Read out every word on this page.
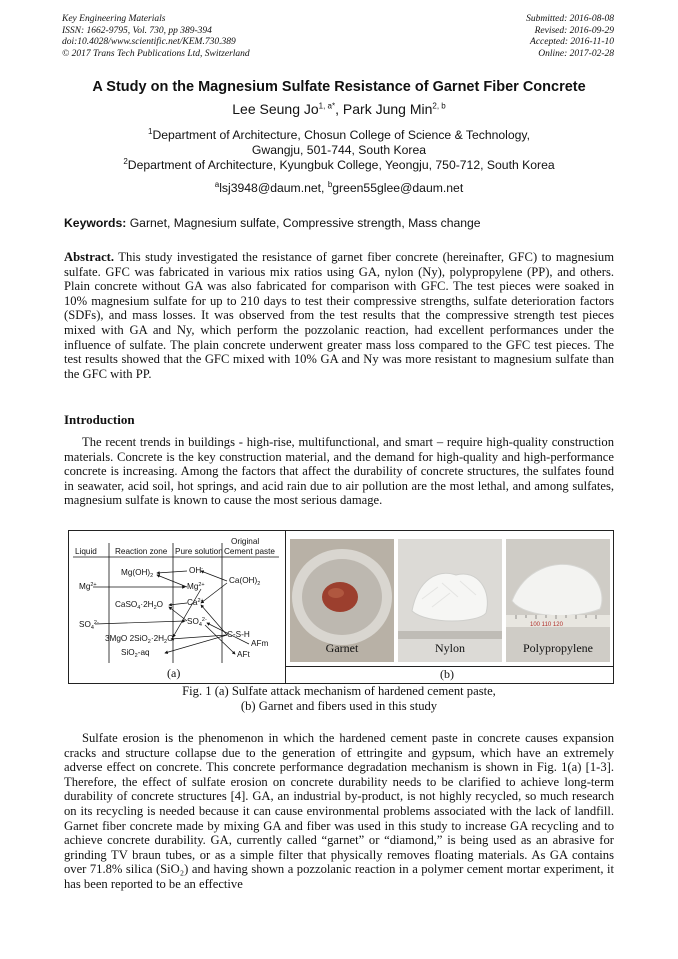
Key Engineering Materials
ISSN: 1662-9795, Vol. 730, pp 389-394
doi:10.4028/www.scientific.net/KEM.730.389
© 2017 Trans Tech Publications Ltd, Switzerland
Submitted: 2016-08-08
Revised: 2016-09-29
Accepted: 2016-11-10
Online: 2017-02-28
A Study on the Magnesium Sulfate Resistance of Garnet Fiber Concrete
Lee Seung $Jo^{1, a*}$, Park Jung Min$^{2, b}$
$^1$Department of Architecture, Chosun College of Science & Technology,
Gwangju, 501-744, South Korea
$^2$Department of Architecture, Kyungbuk College, Yeongju, 750-712, South Korea
$^a$lsj3948@daum.net, $^b$green55glee@daum.net
Keywords: Garnet, Magnesium sulfate, Compressive strength, Mass change
Abstract. This study investigated the resistance of garnet fiber concrete (hereinafter, GFC) to magnesium sulfate. GFC was fabricated in various mix ratios using GA, nylon (Ny), polypropylene (PP), and others. Plain concrete without GA was also fabricated for comparison with GFC. The test pieces were soaked in 10% magnesium sulfate for up to 210 days to test their compressive strengths, sulfate deterioration factors (SDFs), and mass losses. It was observed from the test results that the compressive strength test pieces mixed with GA and Ny, which perform the pozzolanic reaction, had excellent performances under the influence of sulfate. The plain concrete underwent greater mass loss compared to the GFC test pieces. The test results showed that the GFC mixed with 10% GA and Ny was more resistant to magnesium sulfate than the GFC with PP.
Introduction
The recent trends in buildings - high-rise, multifunctional, and smart – require high-quality construction materials. Concrete is the key construction material, and the demand for high-quality and high-performance concrete is increasing. Among the factors that affect the durability of concrete structures, the sulfates found in seawater, acid soil, hot springs, and acid rain due to air pollution are the most lethal, and among sulfates, magnesium sulfate is known to cause the most serious damage.
Liquid Reaction zone Pure solution
Original
Cement paste
$Mg^{2+}$
$SO_4^{2-}$
$Mg(OH)_2$
$CaSO_4\cdot 2H_2O$
3MgO $2SiO_2\cdot 2H_2O$
SiO$_2$-aq
OH-
$Mg^{2+}$
$Ca^{2+}$
$SO_4^{2-}$
$Ca(OH)_2$
C-S-H
AFm
AFt
(a)
Garnet	Nylon
100 110 120
Polypropylene
(b)
Fig. 1 (a) Sulfate attack mechanism of hardened cement paste,
(b) Garnet and fibers used in this study
Sulfate erosion is the phenomenon in which the hardened cement paste in concrete causes expansion cracks and structure collapse due to the generation of ettringite and gypsum, which have an extremely adverse effect on concrete. This concrete performance degradation mechanism is shown in Fig. 1(a) [1-3]. Therefore, the effect of sulfate erosion on concrete durability needs to be clarified to achieve long-term durability of concrete structures [4]. GA, an industrial by-product, is not highly recycled, so much research on its recycling is needed because it can cause environmental problems associated with the lack of landfill. Garnet fiber concrete made by mixing GA and fiber was used in this study to increase GA recycling and to achieve concrete durability. GA, currently called “garnet” or “diamond,” is being used as an abrasive for grinding TV braun tubes, or as a simple filter that physically removes floating materials. As GA contains over 71.8% silica (SiO₂) and having shown a pozzolanic reaction in a polymer cement mortar experiment, it has been reported to be an effective
